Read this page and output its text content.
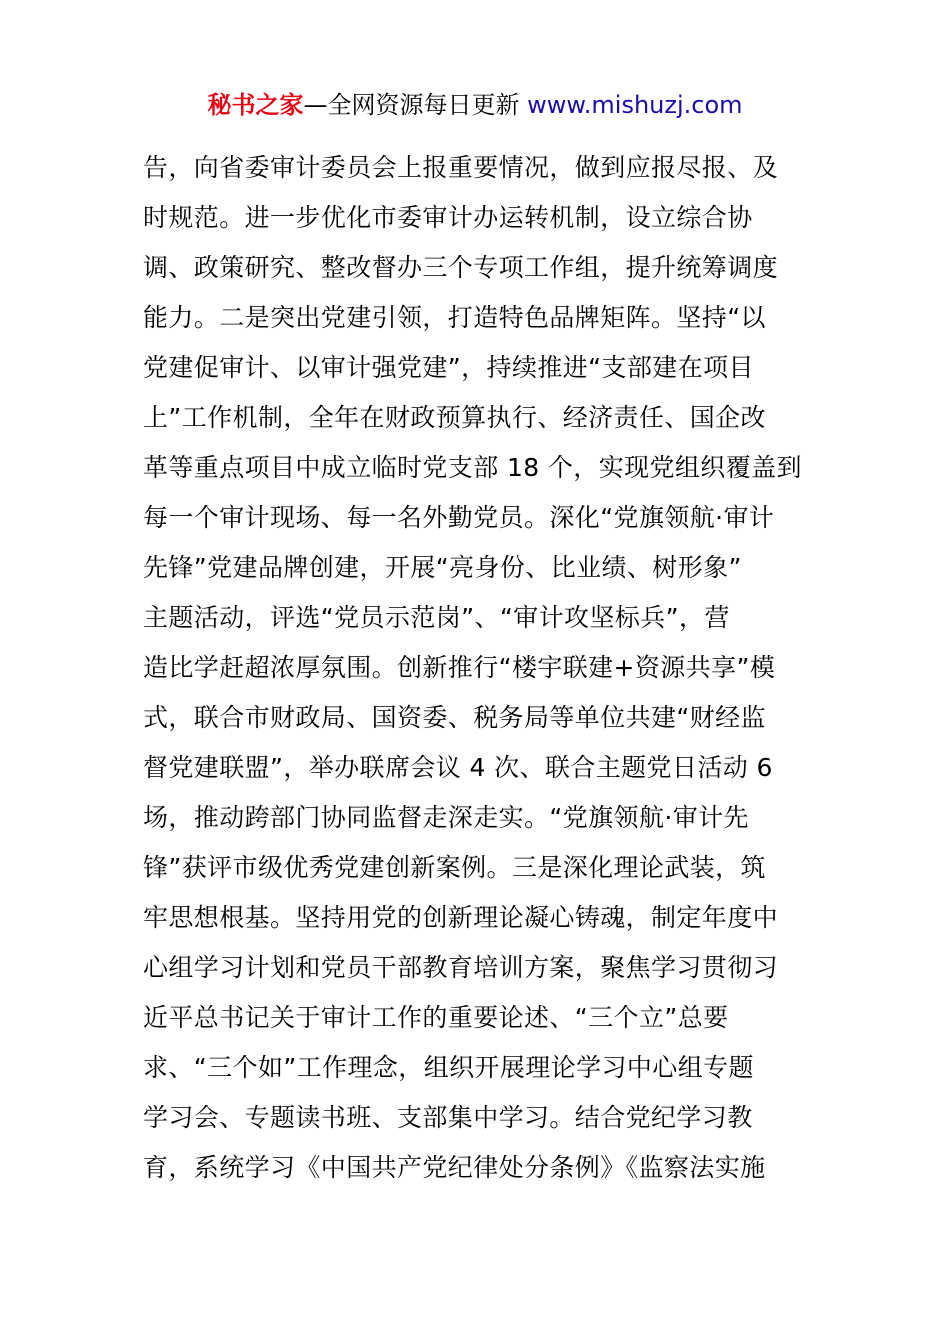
秘书之家—全网资源每日更新 www.mishuzj.com
告，向省委审计委员会上报重要情况，做到应报尽报、及
时规范。进一步优化市委审计办运转机制，设立综合协
调、政策研究、整改督办三个专项工作组，提升统筹调度
能力。二是突出党建引领，打造特色品牌矩阵。坚持“以
党建促审计、以审计强党建”，持续推进“支部建在项目
上”工作机制，全年在财政预算执行、经济责任、国企改
革等重点项目中成立临时党支部 18 个，实现党组织覆盖到
每一个审计现场、每一名外勤党员。深化“党旗领航·审计
先锋”党建品牌创建，开展“亮身份、比业绩、树形象”
主题活动，评选“党员示范岗”、“审计攻坚标兵”，营
造比学赶超浓厚氛围。创新推行“楼宇联建+资源共享”模
式，联合市财政局、国资委、税务局等单位共建“财经监
督党建联盟”，举办联席会议 4 次、联合主题党日活动 6
场，推动跨部门协同监督走深走实。“党旗领航·审计先
锋”获评市级优秀党建创新案例。三是深化理论武装，筑
牢思想根基。坚持用党的创新理论凝心铸魂，制定年度中
心组学习计划和党员干部教育培训方案，聚焦学习贯彻习
近平总书记关于审计工作的重要论述、“三个立”总要
求、“三个如”工作理念，组织开展理论学习中心组专题
学习会、专题读书班、支部集中学习。结合党纪学习教
育，系统学习《中国共产党纪律处分条例》《监察法实施
